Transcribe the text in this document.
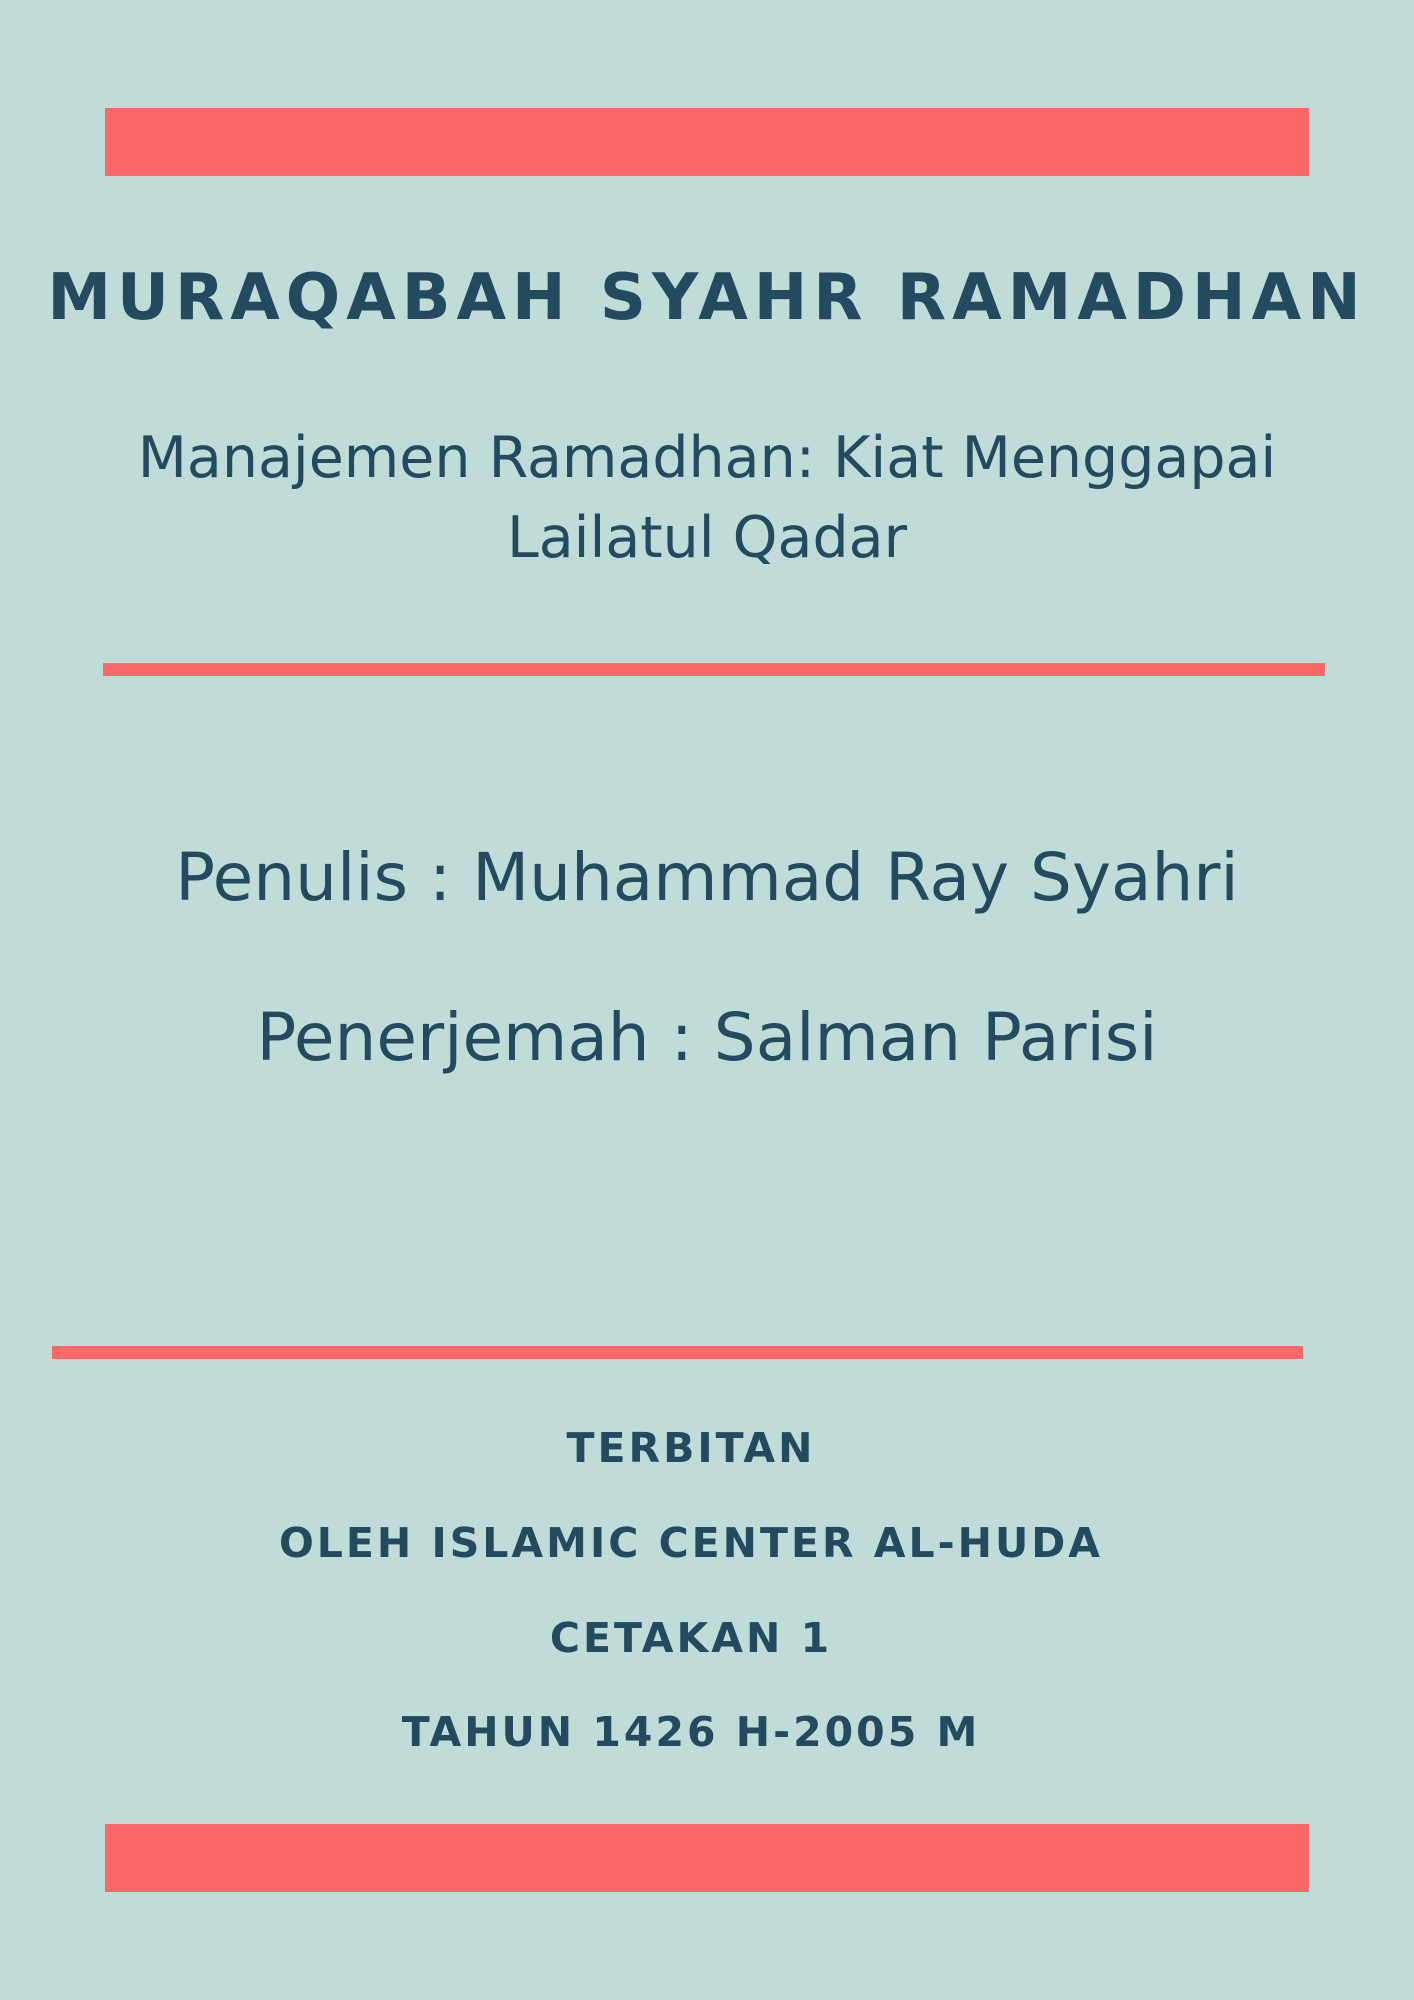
MURAQABAH SYAHR RAMADHAN
Manajemen Ramadhan: Kiat Menggapai
Lailatul Qadar
Penulis : Muhammad Ray Syahri
Penerjemah : Salman Parisi
TERBITAN
OLEH ISLAMIC CENTER AL-HUDA
CETAKAN 1
TAHUN 1426 H-2005 M
